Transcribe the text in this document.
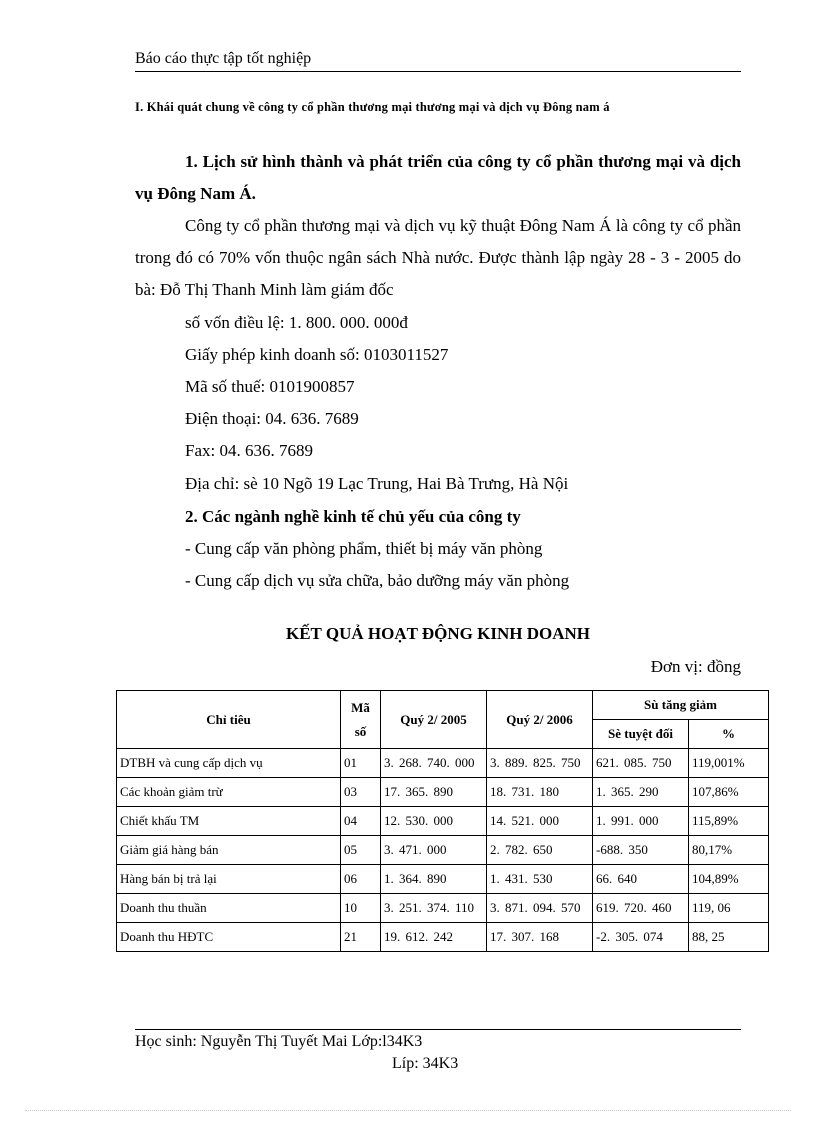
Báo cáo thực tập tốt nghiệp
I. Khái quát chung về công ty cổ phần thương mại thương mại và dịch vụ Đông nam á
1. Lịch sử hình thành và phát triển của công ty cổ phần thương mại và dịch vụ Đông Nam Á.
Công ty cổ phần thương mại và dịch vụ kỹ thuật Đông Nam Á là công ty cổ phần trong đó có 70% vốn thuộc ngân sách Nhà nước. Được thành lập ngày 28 - 3 - 2005 do bà: Đỗ Thị Thanh Minh làm giám đốc
số vốn điều lệ: 1. 800. 000. 000đ
Giấy phép kinh doanh số: 0103011527
Mã số thuế: 0101900857
Điện thoại: 04. 636. 7689
Fax: 04. 636. 7689
Địa chỉ: sè 10 Ngõ 19 Lạc Trung, Hai Bà Trưng, Hà Nội
2. Các ngành nghề kinh tế chủ yếu của công ty
- Cung cấp văn phòng phẩm, thiết bị máy văn phòng
- Cung cấp dịch vụ sửa chữa, bảo dưỡng máy văn phòng
KẾT QUẢ HOẠT ĐỘNG KINH DOANH
Đơn vị: đồng
Chỉ tiêu	Mã số	Quý 2/ 2005	Quý 2/ 2006	Sù tăng giảm	
				Sè tuyệt đối	%
DTBH và cung cấp dịch vụ	01	3. 268. 740. 000	3. 889. 825. 750	621. 085. 750	119,001%
Các khoản giảm trừ	03	17. 365. 890	18. 731. 180	1. 365. 290	107,86%
Chiết khấu TM	04	12. 530. 000	14. 521. 000	1. 991. 000	115,89%
Giảm giá hàng bán	05	3. 471. 000	2. 782. 650	-688. 350	80,17%
Hàng bán bị trả lại	06	1. 364. 890	1. 431. 530	66. 640	104,89%
Doanh thu thuần	10	3. 251. 374. 110	3. 871. 094. 570	619. 720. 460	119, 06
Doanh thu HĐTC	21	19. 612. 242	17. 307. 168	-2. 305. 074	88, 25
Học sinh: Nguyễn Thị Tuyết Mai Lớp:l34K3
Líp: 34K3
